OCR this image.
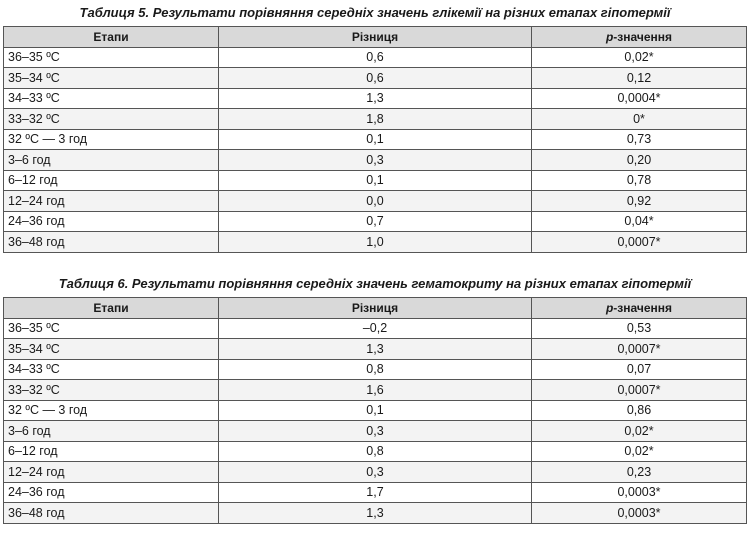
Таблиця 5. Результати порівняння середніх значень глікемії на різних етапах гіпотермії
Етапи	Різниця	p-значення
36–35 ºС	0,6	0,02*
35–34 ºС	0,6	0,12
34–33 ºС	1,3	0,0004*
33–32 ºС	1,8	0*
32 ºС — 3 год	0,1	0,73
3–6 год	0,3	0,20
6–12 год	0,1	0,78
12–24 год	0,0	0,92
24–36 год	0,7	0,04*
36–48 год	1,0	0,0007*
Таблиця 6. Результати порівняння середніх значень гематокриту на різних етапах гіпотермії
Етапи	Різниця	p-значення
36–35 ºС	–0,2	0,53
35–34 ºС	1,3	0,0007*
34–33 ºС	0,8	0,07
33–32 ºС	1,6	0,0007*
32 ºС — 3 год	0,1	0,86
3–6 год	0,3	0,02*
6–12 год	0,8	0,02*
12–24 год	0,3	0,23
24–36 год	1,7	0,0003*
36–48 год	1,3	0,0003*
